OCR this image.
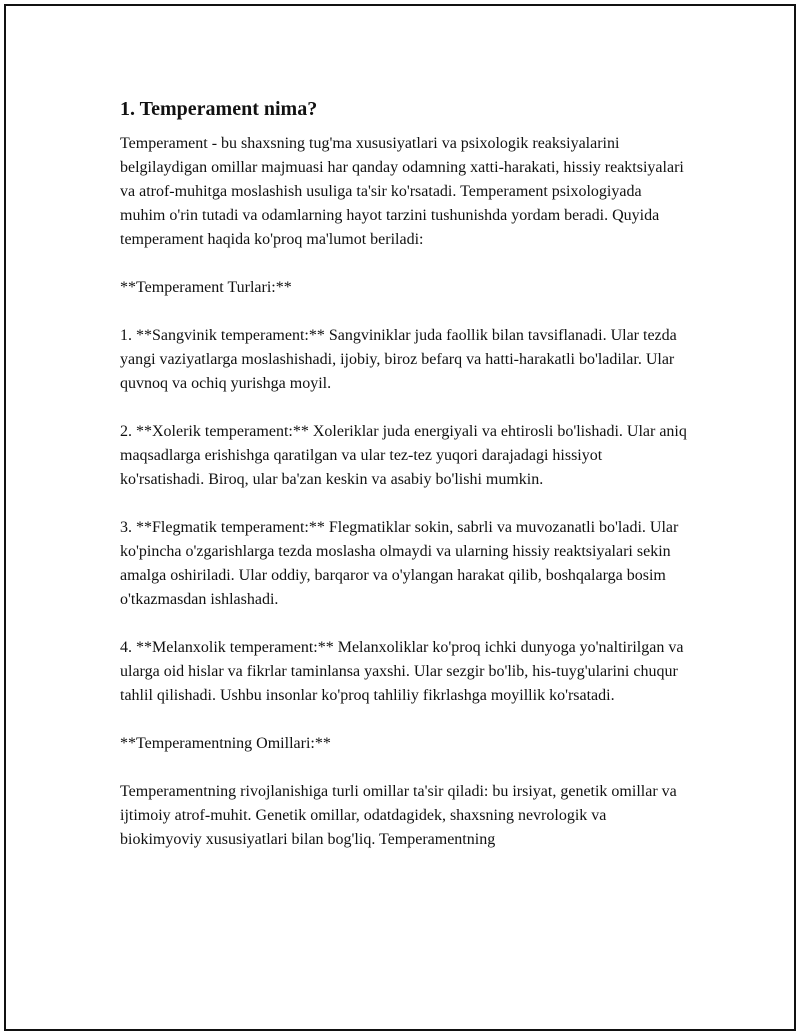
1. Temperament nima?

Temperament - bu shaxsning tug'ma xususiyatlari va psixologik reaksiyalarini belgilaydigan omillar majmuasi har qanday odamning xatti-harakati, hissiy reaktsiyalari va atrof-muhitga moslashish usuliga ta'sir ko'rsatadi. Temperament psixologiyada muhim o'rin tutadi va odamlarning hayot tarzini tushunishda yordam beradi. Quyida temperament haqida ko'proq ma'lumot beriladi:

**Temperament Turlari:**

1. **Sangvinik temperament:** Sangviniklar juda faollik bilan tavsiflanadi. Ular tezda yangi vaziyatlarga moslashishadi, ijobiy, biroz befarq va hatti-harakatli bo'ladilar. Ular quvnoq va ochiq yurishga moyil.

2. **Xolerik temperament:** Xoleriklar juda energiyali va ehtirosli bo'lishadi. Ular aniq maqsadlarga erishishga qaratilgan va ular tez-tez yuqori darajadagi hissiyot ko'rsatishadi. Biroq, ular ba'zan keskin va asabiy bo'lishi mumkin.

3. **Flegmatik temperament:** Flegmatiklar sokin, sabrli va muvozanatli bo'ladi. Ular ko'pincha o'zgarishlarga tezda moslasha olmaydi va ularning hissiy reaktsiyalari sekin amalga oshiriladi. Ular oddiy, barqaror va o'ylangan harakat qilib, boshqalarga bosim o'tkazmasdan ishlashadi.

4. **Melanxolik temperament:** Melanxoliklar ko'proq ichki dunyoga yo'naltirilgan va ularga oid hislar va fikrlar taminlansa yaxshi. Ular sezgir bo'lib, his-tuyg'ularini chuqur tahlil qilishadi. Ushbu insonlar ko'proq tahliliy fikrlashga moyillik ko'rsatadi.

**Temperamentning Omillari:**

Temperamentning rivojlanishiga turli omillar ta'sir qiladi: bu irsiyat, genetik omillar va ijtimoiy atrof-muhit. Genetik omillar, odatdagidek, shaxsning nevrologik va biokimyoviy xususiyatlari bilan bog'liq. Temperamentning
